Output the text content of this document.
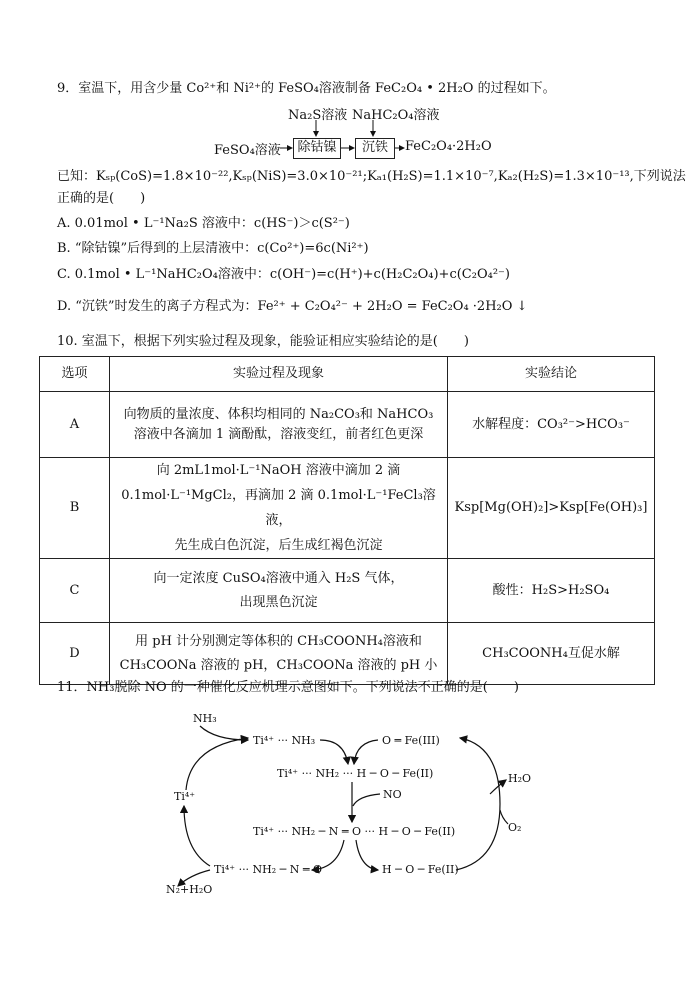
9．室温下，用含少量 Co²⁺和 Ni²⁺的 FeSO₄溶液制备 FeC₂O₄ • 2H₂O 的过程如下。
Na₂S溶液 NaHC₂O₄溶液
FeSO₄溶液	除钴镍	沉铁	FeC₂O₄·2H₂O
已知：Kₛₚ(CoS)=1.8×10⁻²²,Kₛₚ(NiS)=3.0×10⁻²¹;Kₐ₁(H₂S)=1.1×10⁻⁷,Kₐ₂(H₂S)=1.3×10⁻¹³,下列说法
正确的是(　　)
A. 0.01mol • L⁻¹Na₂S 溶液中：c(HS⁻)＞c(S²⁻)
B. “除钴镍”后得到的上层清液中：c(Co²⁺)=6c(Ni²⁺)
C. 0.1mol • L⁻¹NaHC₂O₄溶液中：c(OH⁻)=c(H⁺)+c(H₂C₂O₄)+c(C₂O₄²⁻)
D. “沉铁”时发生的离子方程式为：Fe²⁺ + C₂O₄²⁻ + 2H₂O = FeC₂O₄ ·2H₂O ↓
10. 室温下，根据下列实验过程及现象，能验证相应实验结论的是(　　)
选项	实验过程及现象	实验结论
A	向物质的量浓度、体积均相同的 Na₂CO₃和 NaHCO₃
溶液中各滴加 1 滴酚酞，溶液变红，前者红色更深	水解程度：CO₃²⁻>HCO₃⁻
B	向 2mL1mol·L⁻¹NaOH 溶液中滴加 2 滴
0.1mol·L⁻¹MgCl₂，再滴加 2 滴 0.1mol·L⁻¹FeCl₃溶液，
先生成白色沉淀，后生成红褐色沉淀	Ksp[Mg(OH)₂]>Ksp[Fe(OH)₃]
C	向一定浓度 CuSO₄溶液中通入 H₂S 气体，
出现黑色沉淀	酸性：H₂S>H₂SO₄
D	用 pH 计分别测定等体积的 CH₃COONH₄溶液和
CH₃COONa 溶液的 pH，CH₃COONa 溶液的 pH 小	CH₃COONH₄互促水解
11．NH₃脱除 NO 的一种催化反应机理示意图如下。下列说法不正确的是(　　)
NH₃
Ti⁴⁺
Ti⁴⁺ ··· NH₃	O ═ Fe(III)
Ti⁴⁺ ··· NH₂ ··· H ─ O ─ Fe(II)
NO
H₂O
Ti⁴⁺ ··· NH₂ ─ N ═ O ··· H ─ O ─ Fe(II)	O₂
Ti⁴⁺ ··· NH₂ ─ N ═ O	H ─ O ─ Fe(II)
N₂+H₂O
